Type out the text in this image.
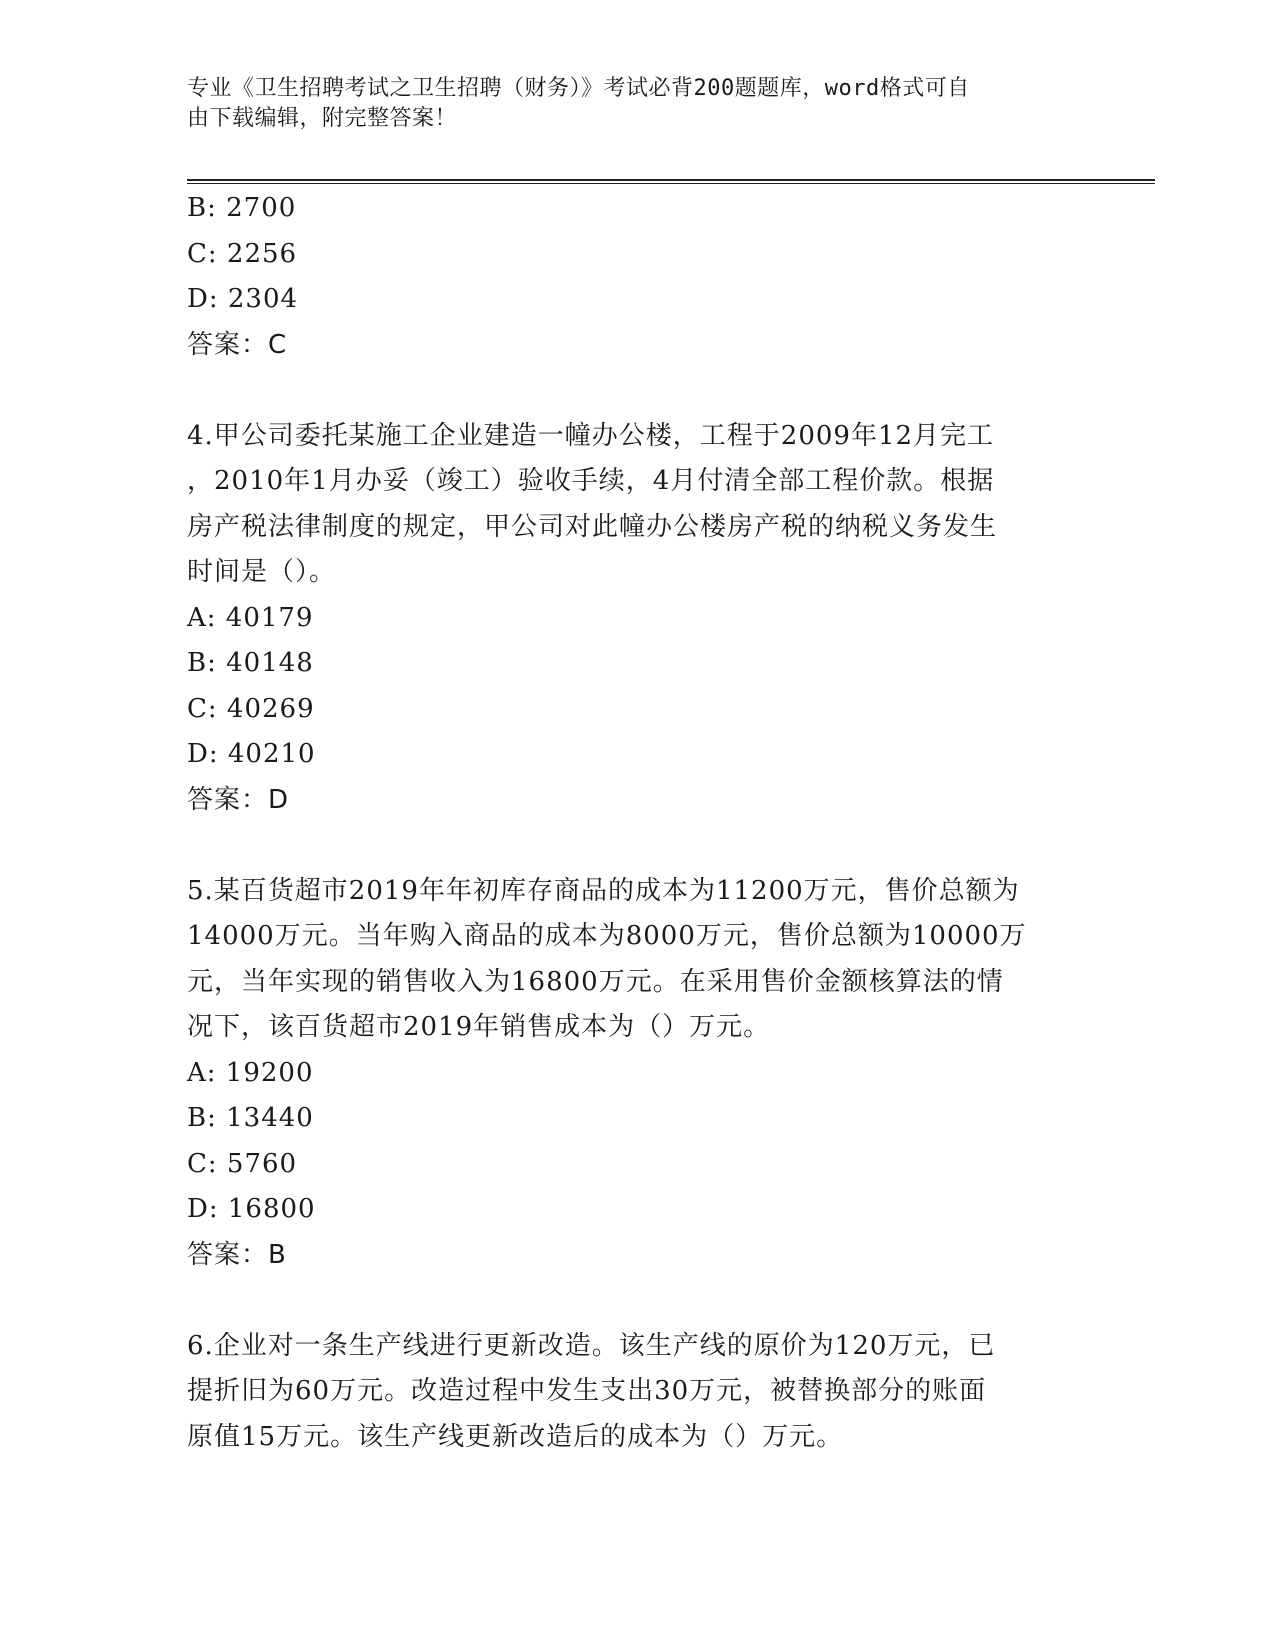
专业《卫生招聘考试之卫生招聘（财务）》考试必背200题题库，word格式可自
由下载编辑，附完整答案！
B: 2700
C: 2256
D: 2304
答案：C
4.甲公司委托某施工企业建造一幢办公楼，工程于2009年12月完工
，2010年1月办妥（竣工）验收手续，4月付清全部工程价款。根据
房产税法律制度的规定，甲公司对此幢办公楼房产税的纳税义务发生
时间是（）。
A: 40179
B: 40148
C: 40269
D: 40210
答案：D
5.某百货超市2019年年初库存商品的成本为11200万元，售价总额为
14000万元。当年购入商品的成本为8000万元，售价总额为10000万
元，当年实现的销售收入为16800万元。在采用售价金额核算法的情
况下，该百货超市2019年销售成本为（）万元。
A: 19200
B: 13440
C: 5760
D: 16800
答案：B
6.企业对一条生产线进行更新改造。该生产线的原价为120万元，已
提折旧为60万元。改造过程中发生支出30万元，被替换部分的账面
原值15万元。该生产线更新改造后的成本为（）万元。
